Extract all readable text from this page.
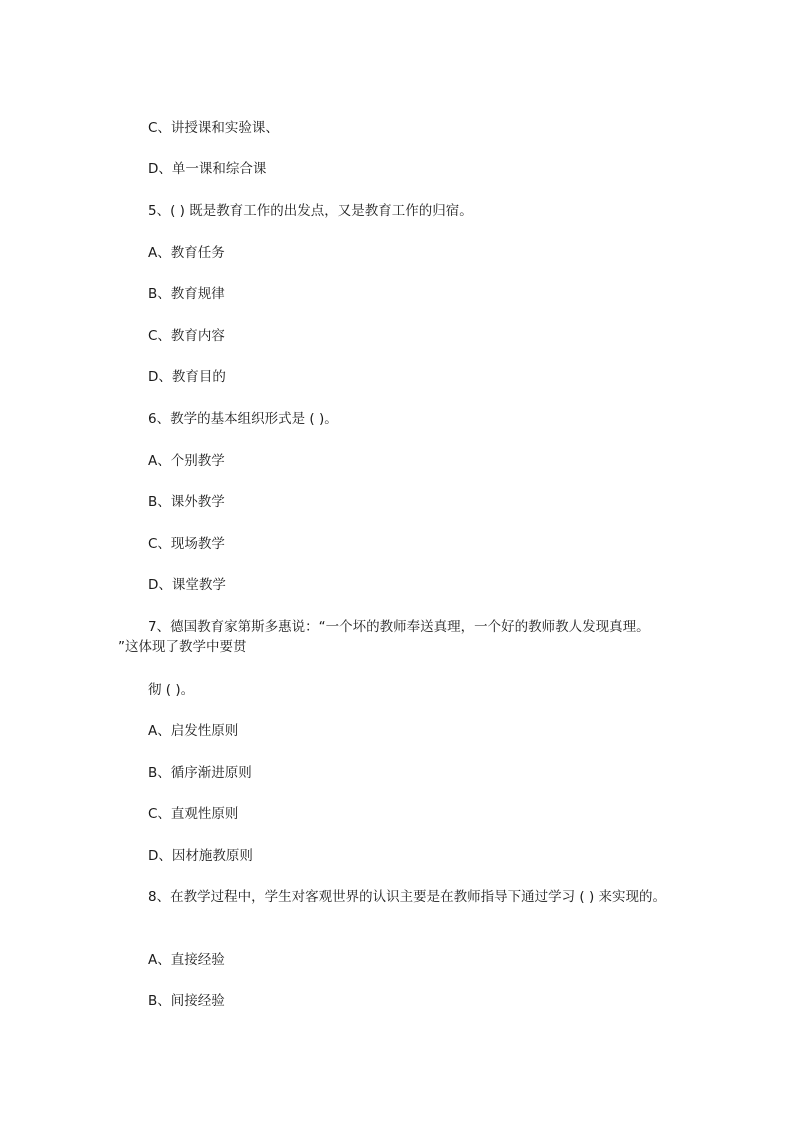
C、讲授课和实验课、
D、单一课和综合课
5、( ) 既是教育工作的出发点，又是教育工作的归宿。
A、教育任务
B、教育规律
C、教育内容
D、教育目的
6、教学的基本组织形式是 ( )。
A、个别教学
B、课外教学
C、现场教学
D、课堂教学
7、德国教育家第斯多惠说：“一个坏的教师奉送真理，一个好的教师教人发现真理。
”这体现了教学中要贯
彻 ( )。
A、启发性原则
B、循序渐进原则
C、直观性原则
D、因材施教原则
8、在教学过程中，学生对客观世界的认识主要是在教师指导下通过学习 ( ) 来实现的。
A、直接经验
B、间接经验
